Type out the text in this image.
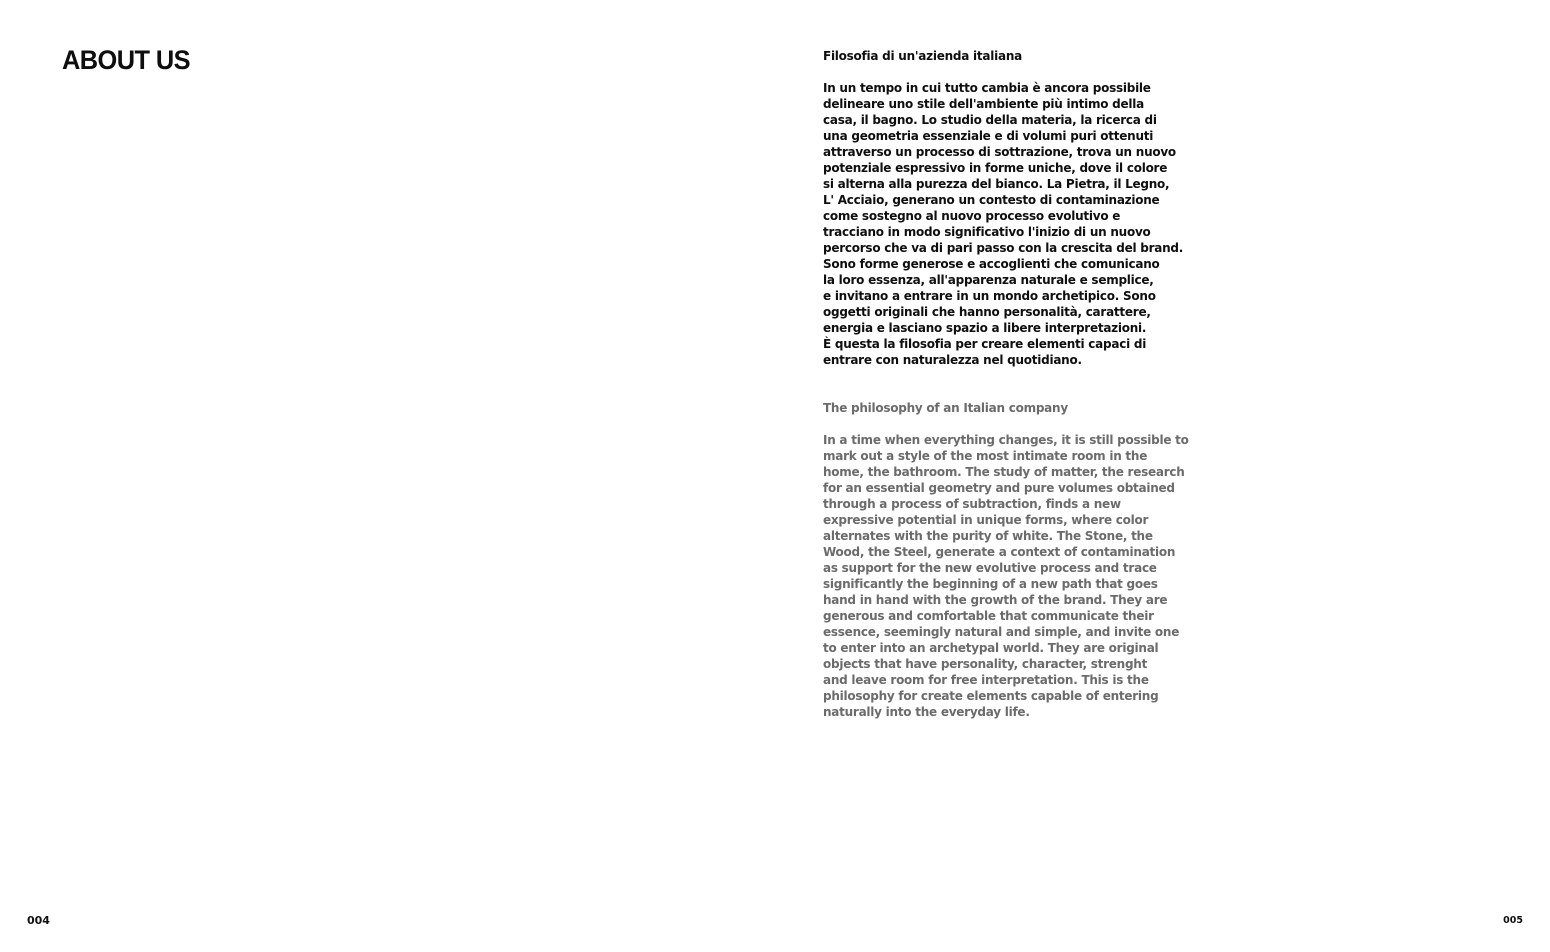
ABOUT US	Filosofia di un'azienda italiana

In un tempo in cui tutto cambia è ancora possibile
delineare uno stile dell'ambiente più intimo della
casa, il bagno. Lo studio della materia, la ricerca di
una geometria essenziale e di volumi puri ottenuti
attraverso un processo di sottrazione, trova un nuovo
potenziale espressivo in forme uniche, dove il colore
si alterna alla purezza del bianco. La Pietra, il Legno,
L' Acciaio, generano un contesto di contaminazione
come sostegno al nuovo processo evolutivo e
tracciano in modo significativo l'inizio di un nuovo
percorso che va di pari passo con la crescita del brand.
Sono forme generose e accoglienti che comunicano
la loro essenza, all'apparenza naturale e semplice,
e invitano a entrare in un mondo archetipico. Sono
oggetti originali che hanno personalità, carattere,
energia e lasciano spazio a libere interpretazioni.
È questa la filosofia per creare elementi capaci di
entrare con naturalezza nel quotidiano.

The philosophy of an Italian company

In a time when everything changes, it is still possible to
mark out a style of the most intimate room in the
home, the bathroom. The study of matter, the research
for an essential geometry and pure volumes obtained
through a process of subtraction, finds a new
expressive potential in unique forms, where color
alternates with the purity of white. The Stone, the
Wood, the Steel, generate a context of contamination
as support for the new evolutive process and trace
significantly the beginning of a new path that goes
hand in hand with the growth of the brand. They are
generous and comfortable that communicate their
essence, seemingly natural and simple, and invite one
to enter into an archetypal world. They are original
objects that have personality, character, strenght
and leave room for free interpretation. This is the
philosophy for create elements capable of entering
naturally into the everyday life.

004	005
